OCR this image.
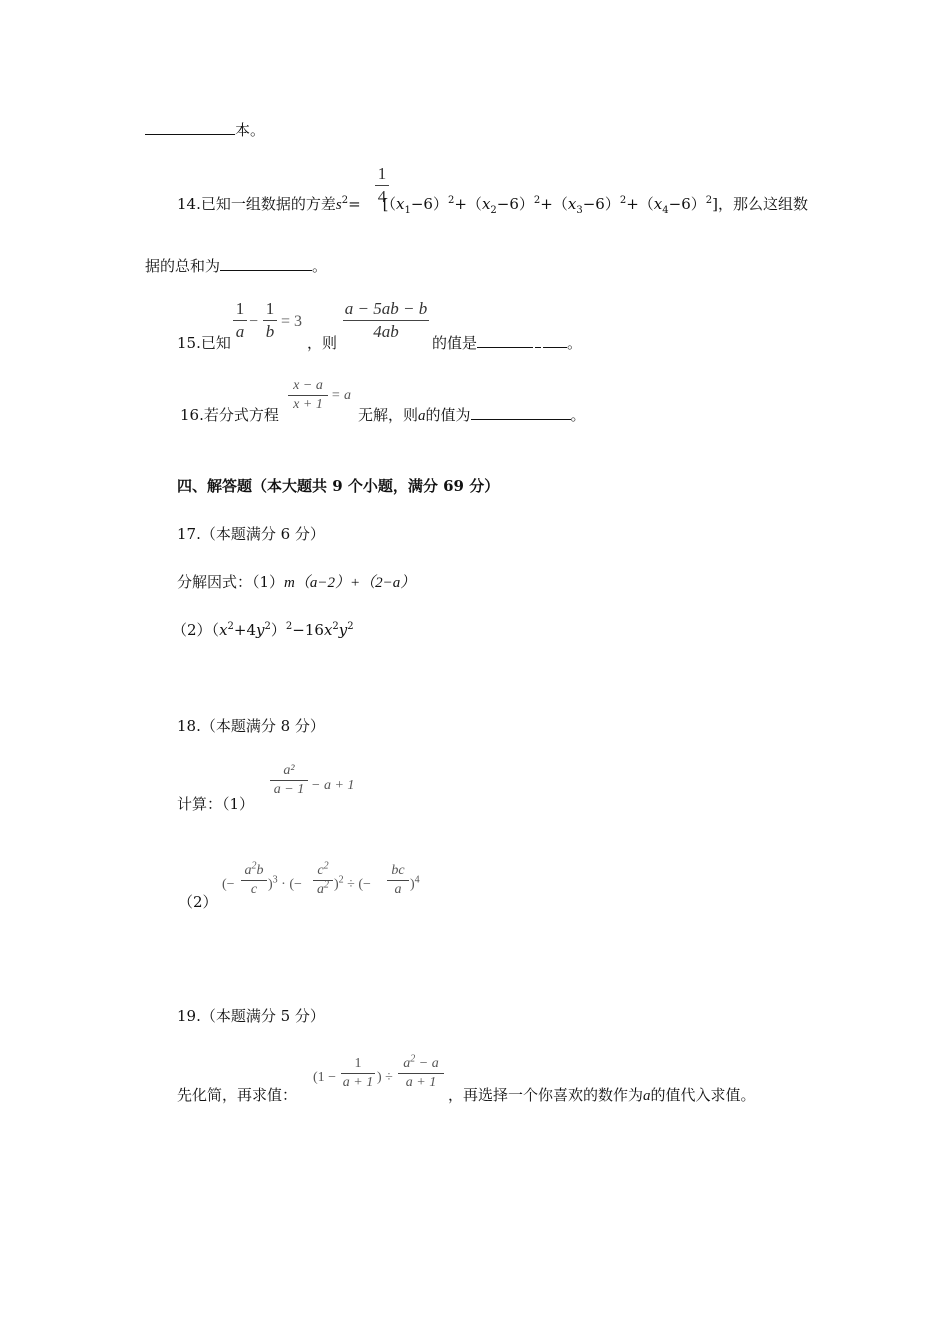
本。
1
4
14.已知一组数据的方差$s^2= [(x_1-6)^2+(x_2-6)^2+(x_3-6)^2+(x_4-6)^2]$，那么这组数
据的总和为	。
1
a
−
1
b
= 3
a − 5ab − b
4ab
15.已知	，则	的值是	。
x − a
x + 1
= a
16.若分式方程	无解，则a的值为	。
四、解答题（本大题共 9 个小题，满分 69 分）
17.（本题满分 6 分）
分解因式：（1）m（a−2）+（2−a）
$(2)(x^2+4y^2)^2-16x^2y^2$
18.（本题满分 8 分）
a²
a − 1 − a + 1
计算：（1）
（2）
(−
$a^2b$
c )$^3$ · (−
$c^2$
$a^2$ )$^2$ ÷ (−
bc
a )$^4$
19.（本题满分 5 分）
(1 −
1
a + 1 ) ÷
$a^2 - a$
a + 1
先化简，再求值：	，再选择一个你喜欢的数作为a的值代入求值。
